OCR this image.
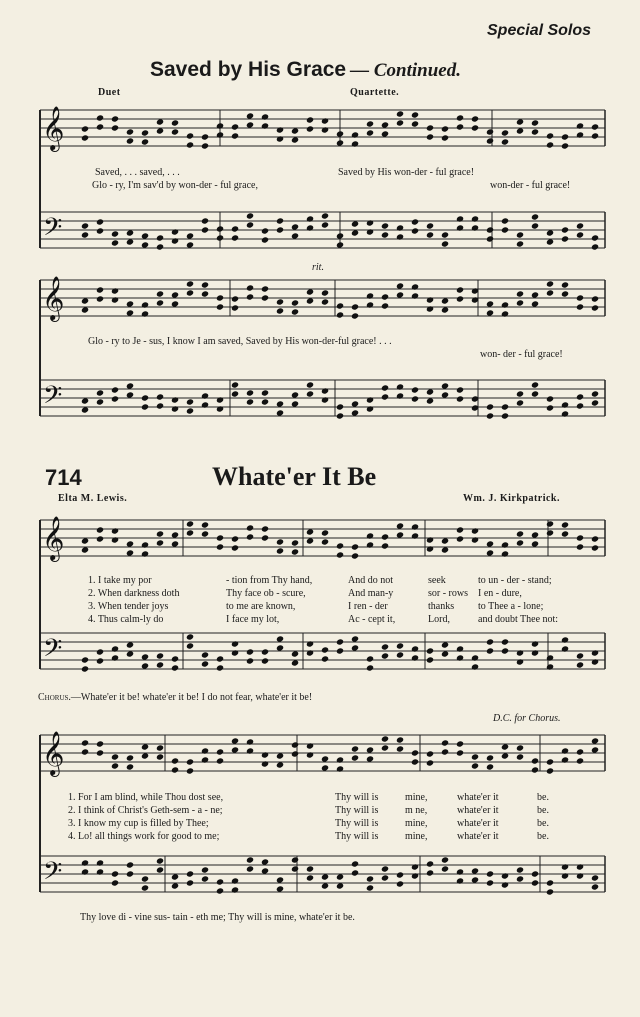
Special Solos
Saved by His Grace — Continued.
Duet	Quartette.
rit.
𝄞
𝄢
𝄞
𝄢
𝄞
𝄢
𝄞
𝄢
Saved, . . . saved, . . .	Saved by His won-der - ful grace!
Glo - ry, I'm sav'd by won-der - ful grace,	won-der - ful grace!
Glo - ry to Je - sus, I know I am saved, Saved by His won-der-ful grace! . . .
won- der - ful grace!
714	Whate'er It Be
Elta M. Lewis.	Wm. J. Kirkpatrick.
1. I take my por	- tion from Thy hand,	And do not	seek	to un - der - stand;
2. When darkness doth	Thy face ob - scure,	And man-y	sor - rows	I en - dure,
3. When tender joys	to me are known,	I ren - der	thanks	to Thee a - lone;
4. Thus calm-ly do	I face my lot,	Ac - cept it,	Lord,	and doubt Thee not:
Chorus.—Whate'er it be! whate'er it be! I do not fear, whate'er it be!
D.C. for Chorus.
1. For I am blind, while Thou dost see,	Thy will is	mine,	whate'er it	be.
2. I think of Christ's Geth-sem - a - ne;	Thy will is	m ne,	whate'er it	be.
3. I know my cup is filled by Thee;	Thy will is	mine,	whate'er it	be.
4. Lo! all things work for good to me;	Thy will is	mine,	whate'er it	be.
Thy love di - vine sus- tain - eth me; Thy will is mine, whate'er it be.
